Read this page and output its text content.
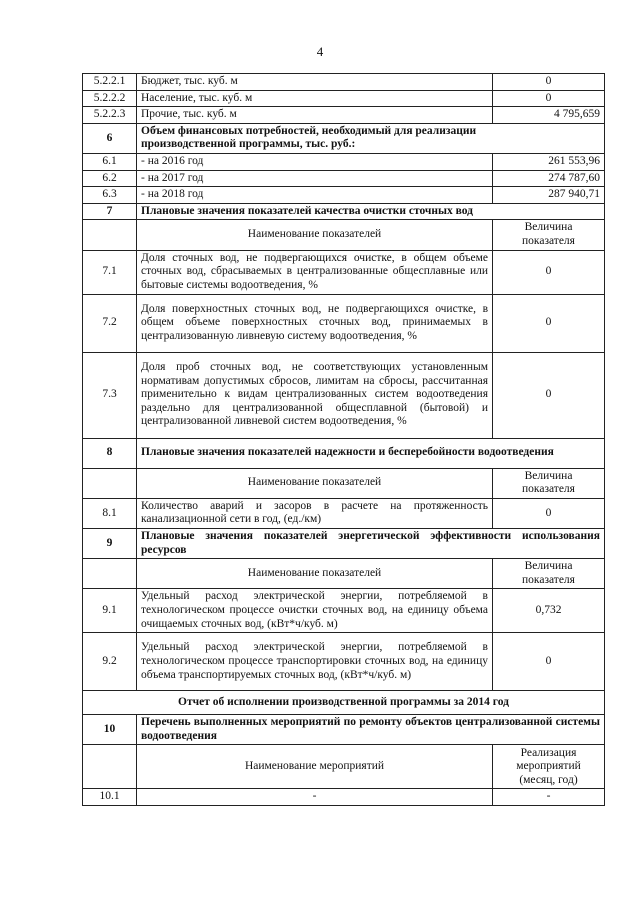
4
5.2.2.1	Бюджет, тыс. куб. м	0
5.2.2.2	Население, тыс. куб. м	0
5.2.2.3	Прочие, тыс. куб. м	4 795,659
6	Объем финансовых потребностей, необходимый для реализации производственной программы, тыс. руб.:	
6.1	- на 2016 год	261 553,96
6.2	- на 2017 год	274 787,60
6.3	- на 2018 год	287 940,71
7	Плановые значения показателей качества очистки сточных вод	
	Наименование показателей	Величина показателя
7.1	Доля сточных вод, не подвергающихся очистке, в общем объеме сточных вод, сбрасываемых в централизованные общесплавные или бытовые системы водоотведения, %	0
7.2	Доля поверхностных сточных вод, не подвергающихся очистке, в общем объеме поверхностных сточных вод, принимаемых в централизованную ливневую систему водоотведения, %	0
7.3	Доля проб сточных вод, не соответствующих установленным нормативам допустимых сбросов, лимитам на сбросы, рассчитанная применительно к видам централизованных систем водоотведения раздельно для централизованной общесплавной (бытовой) и централизованной ливневой систем водоотведения, %	0
8	Плановые значения показателей надежности и бесперебойности водоотведения	
	Наименование показателей	Величина показателя
8.1	Количество аварий и засоров в расчете на протяженность канализационной сети в год, (ед./км)	0
9	Плановые значения показателей энергетической эффективности использования ресурсов	
	Наименование показателей	Величина показателя
9.1	Удельный расход электрической энергии, потребляемой в технологическом процессе очистки сточных вод, на единицу объема очищаемых сточных вод, (кВт*ч/куб. м)	0,732
9.2	Удельный расход электрической энергии, потребляемой в технологическом процессе транспортировки сточных вод, на единицу объема транспортируемых сточных вод, (кВт*ч/куб. м)	0
Отчет об исполнении производственной программы за 2014 год		
10	Перечень выполненных мероприятий по ремонту объектов централизованной системы водоотведения	
	Наименование мероприятий	Реализация мероприятий (месяц, год)
10.1	-	-
